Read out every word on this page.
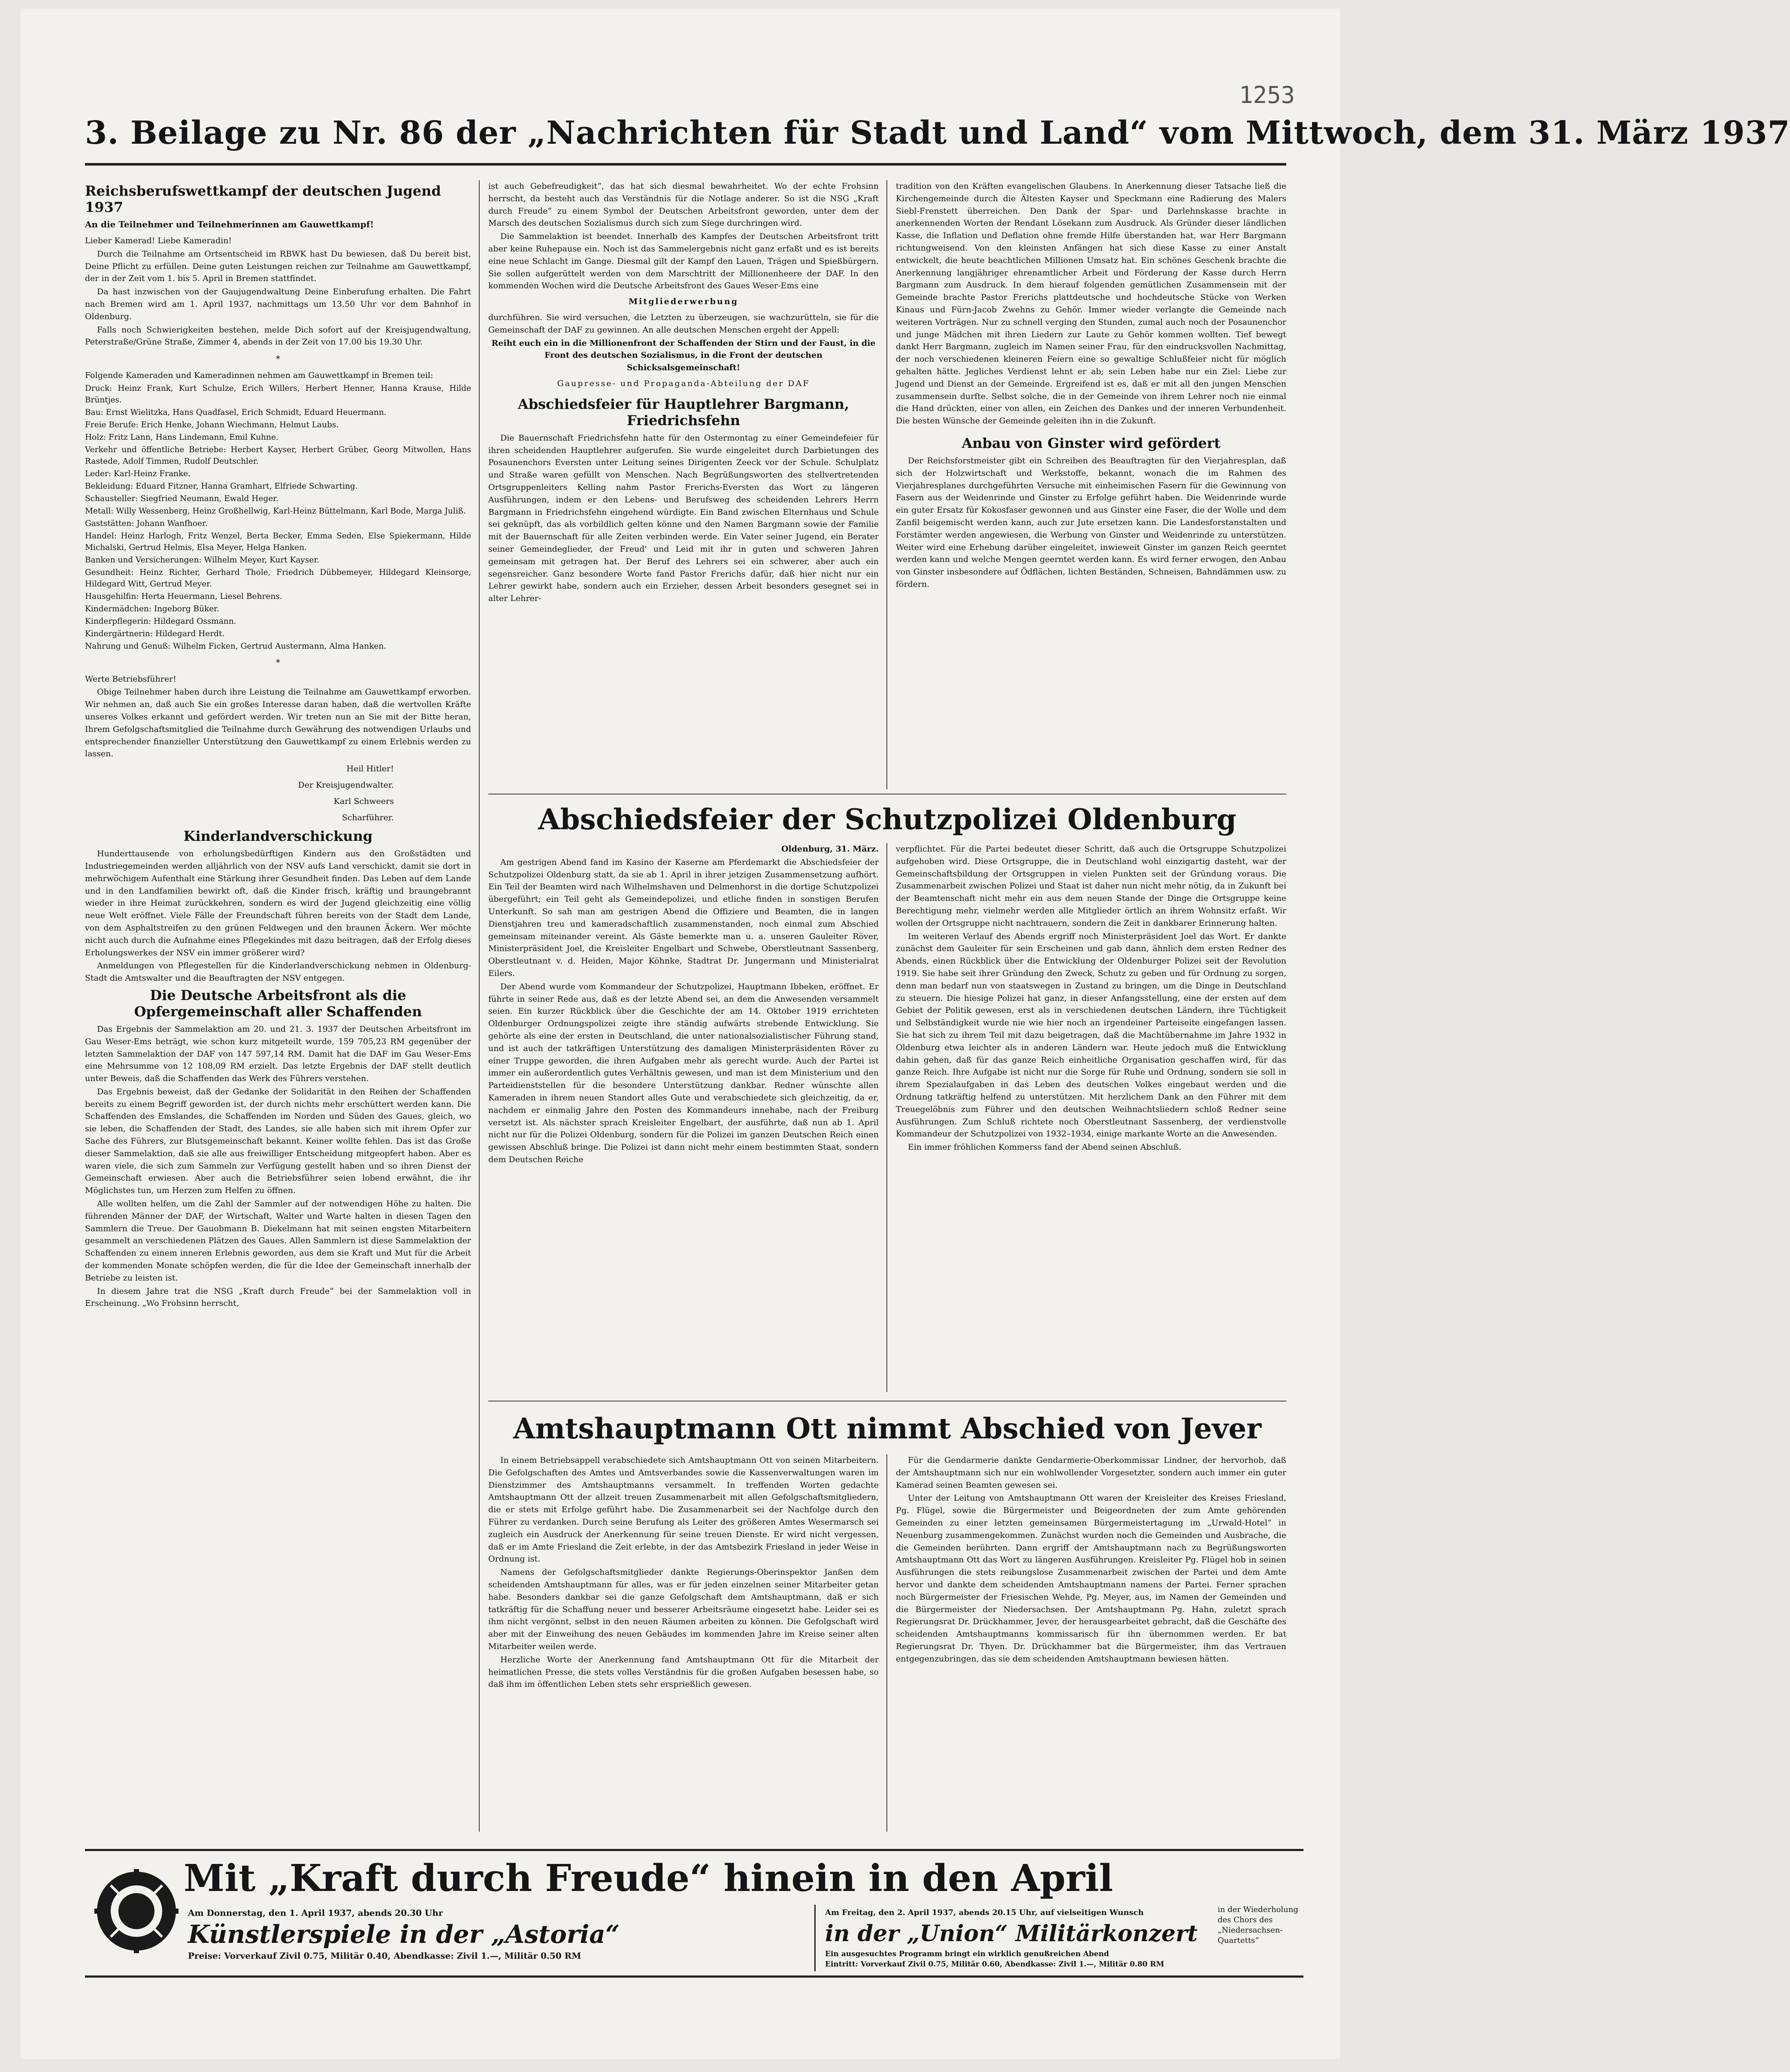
1253
3. Beilage zu Nr. 86 der „Nachrichten für Stadt und Land“ vom Mittwoch, dem 31. März 1937
Reichsberufswettkampf der deutschen Jugend 1937
An die Teilnehmer und Teilnehmerinnen am Gauwettkampf!

Lieber Kamerad! Liebe Kameradin!

Durch die Teilnahme am Ortsentscheid im RBWK hast Du bewiesen, daß Du bereit bist, Deine Pflicht zu erfüllen. Deine guten Leistungen reichen zur Teilnahme am Gauwettkampf, der in der Zeit vom 1. bis 5. April in Bremen stattfindet.

Da hast inzwischen von der Gaujugendwaltung Deine Einberufung erhalten. Die Fahrt nach Bremen wird am 1. April 1937, nachmittags um 13.50 Uhr vor dem Bahnhof in Oldenburg.

Falls noch Schwierigkeiten bestehen, melde Dich sofort auf der Kreisjugendwaltung, Peterstraße/Grüne Straße, Zimmer 4, abends in der Zeit von 17.00 bis 19.30 Uhr.

*

Folgende Kameraden und Kameradinnen nehmen am Gauwettkampf in Bremen teil:

Druck: Heinz Frank, Kurt Schulze, Erich Willers, Herbert Henner, Hanna Krause, Hilde Brüntjes.

Bau: Ernst Wielitzka, Hans Quadfasel, Erich Schmidt, Eduard Heuermann.

Freie Berufe: Erich Henke, Johann Wiechmann, Helmut Laubs.

Holz: Fritz Lann, Hans Lindemann, Emil Kuhne.

Verkehr und öffentliche Betriebe: Herbert Kayser, Herbert Grüber, Georg Mitwollen, Hans Rastede, Adolf Timmen, Rudolf Deutschler.

Leder: Karl-Heinz Franke.

Bekleidung: Eduard Fitzner, Hanna Gramhart, Elfriede Schwarting.

Schausteller: Siegfried Neumann, Ewald Heger.

Metall: Willy Wessenberg, Heinz Großhellwig, Karl-Heinz Büttelmann, Karl Bode, Marga Juliß.

Gaststätten: Johann Wanfhoer.

Handel: Heinz Harlogh, Fritz Wenzel, Berta Becker, Emma Seden, Else Spiekermann, Hilde Michalski, Gertrud Helmis, Elsa Meyer, Helga Hanken.

Banken und Versicherungen: Wilhelm Meyer, Kurt Kayser.

Gesundheit: Heinz Richter, Gerhard Thole, Friedrich Dübbemeyer, Hildegard Kleinsorge, Hildegard Witt, Gertrud Meyer.

Hausgehilfin: Herta Heuermann, Liesel Behrens.

Kindermädchen: Ingeborg Büker.

Kinderpflegerin: Hildegard Ossmann.

Kindergärtnerin: Hildegard Herdt.

Nahrung und Genuß: Wilhelm Ficken, Gertrud Austermann, Alma Hanken.

*

Werte Betriebsführer!

Obige Teilnehmer haben durch ihre Leistung die Teilnahme am Gauwettkampf erworben. Wir nehmen an, daß auch Sie ein großes Interesse daran haben, daß die wertvollen Kräfte unseres Volkes erkannt und gefördert werden. Wir treten nun an Sie mit der Bitte heran, Ihrem Gefolgschaftsmitglied die Teilnahme durch Gewährung des notwendigen Urlaubs und entsprechender finanzieller Unterstützung den Gauwettkampf zu einem Erlebnis werden zu lassen.

Heil Hitler!

Der Kreisjugendwalter.

Karl Schweers

Scharführer.

Kinderlandverschickung

Hunderttausende von erholungsbedürftigen Kindern aus den Großstädten und Industriegemeinden werden alljährlich von der NSV aufs Land verschickt, damit sie dort in mehrwöchigem Aufenthalt eine Stärkung ihrer Gesundheit finden. Das Leben auf dem Lande und in den Landfamilien bewirkt oft, daß die Kinder frisch, kräftig und braungebrannt wieder in ihre Heimat zurückkehren, sondern es wird der Jugend gleichzeitig eine völlig neue Welt eröffnet. Viele Fälle der Freundschaft führen bereits von der Stadt dem Lande, von dem Asphaltstreifen zu den grünen Feldwegen und den braunen Äckern. Wer möchte nicht auch durch die Aufnahme eines Pflegekindes mit dazu beitragen, daß der Erfolg dieses Erholungswerkes der NSV ein immer größerer wird?

Anmeldungen von Pflegestellen für die Kinderlandverschickung nehmen in Oldenburg-Stadt die Amtswalter und die Beauftragten der NSV entgegen.

Die Deutsche Arbeitsfront als die Opfergemeinschaft aller Schaffenden

Das Ergebnis der Sammelaktion am 20. und 21. 3. 1937 der Deutschen Arbeitsfront im Gau Weser-Ems beträgt, wie schon kurz mitgeteilt wurde, 159 705,23 RM gegenüber der letzten Sammelaktion der DAF von 147 597,14 RM. Damit hat die DAF im Gau Weser-Ems eine Mehrsumme von 12 108,09 RM erzielt. Das letzte Ergebnis der DAF stellt deutlich unter Beweis, daß die Schaffenden das Werk des Führers verstehen.

Das Ergebnis beweist, daß der Gedanke der Solidarität in den Reihen der Schaffenden bereits zu einem Begriff geworden ist, der durch nichts mehr erschüttert werden kann. Die Schaffenden des Emslandes, die Schaffenden im Norden und Süden des Gaues, gleich, wo sie leben, die Schaffenden der Stadt, des Landes, sie alle haben sich mit ihrem Opfer zur Sache des Führers, zur Blutsgemeinschaft bekannt. Keiner wollte fehlen. Das ist das Große dieser Sammelaktion, daß sie alle aus freiwilliger Entscheidung mitgeopfert haben. Aber es waren viele, die sich zum Sammeln zur Verfügung gestellt haben und so ihren Dienst der Gemeinschaft erwiesen. Aber auch die Betriebsführer seien lobend erwähnt, die ihr Möglichstes tun, um Herzen zum Helfen zu öffnen.

Alle wollten helfen, um die Zahl der Sammler auf der notwendigen Höhe zu halten. Die führenden Männer der DAF, der Wirtschaft, Walter und Warte halten in diesen Tagen den Sammlern die Treue. Der Gauobmann B. Diekelmann hat mit seinen engsten Mitarbeitern gesammelt an verschiedenen Plätzen des Gaues. Allen Sammlern ist diese Sammelaktion der Schaffenden zu einem inneren Erlebnis geworden, aus dem sie Kraft und Mut für die Arbeit der kommenden Monate schöpfen werden, die für die Idee der Gemeinschaft innerhalb der Betriebe zu leisten ist.

In diesem Jahre trat die NSG „Kraft durch Freude“ bei der Sammelaktion voll in Erscheinung. „Wo Frohsinn herrscht,

ist auch Gebefreudigkeit“, das hat sich diesmal bewahrheitet. Wo der echte Frohsinn herrscht, da besteht auch das Verständnis für die Notlage anderer. So ist die NSG „Kraft durch Freude“ zu einem Symbol der Deutschen Arbeitsfront geworden, unter dem der Marsch des deutschen Sozialismus durch sich zum Siege durchringen wird.

Die Sammelaktion ist beendet. Innerhalb des Kampfes der Deutschen Arbeitsfront tritt aber keine Ruhepause ein. Noch ist das Sammelergebnis nicht ganz erfaßt und es ist bereits eine neue Schlacht im Gange. Diesmal gilt der Kampf den Lauen, Trägen und Spießbürgern. Sie sollen aufgerüttelt werden von dem Marschtritt der Millionenheere der DAF. In den kommenden Wochen wird die Deutsche Arbeitsfront des Gaues Weser-Ems eine

Mitgliederwerbung

durchführen. Sie wird versuchen, die Letzten zu überzeugen, sie wachzurütteln, sie für die Gemeinschaft der DAF zu gewinnen. An alle deutschen Menschen ergeht der Appell:

Reiht euch ein in die Millionenfront der Schaffenden der Stirn und der Faust, in die Front des deutschen Sozialismus, in die Front der deutschen Schicksalsgemeinschaft!

Gaupresse- und Propaganda-Abteilung der DAF

Abschiedsfeier für Hauptlehrer Bargmann, Friedrichsfehn

Die Bauernschaft Friedrichsfehn hatte für den Ostermontag zu einer Gemeindefeier für ihren scheidenden Hauptlehrer aufgerufen. Sie wurde eingeleitet durch Darbietungen des Posaunenchors Eversten unter Leitung seines Dirigenten Zeeck vor der Schule. Schulplatz und Straße waren gefüllt von Menschen. Nach Begrüßungsworten des stellvertretenden Ortsgruppenleiters Kelling nahm Pastor Frerichs-Eversten das Wort zu längeren Ausführungen, indem er den Lebens- und Berufsweg des scheidenden Lehrers Herrn Bargmann in Friedrichsfehn eingehend würdigte. Ein Band zwischen Elternhaus und Schule sei geknüpft, das als vorbildlich gelten könne und den Namen Bargmann sowie der Familie mit der Bauernschaft für alle Zeiten verbinden werde. Ein Vater seiner Jugend, ein Berater seiner Gemeindeglieder, der Freud' und Leid mit ihr in guten und schweren Jahren gemeinsam mit getragen hat. Der Beruf des Lehrers sei ein schwerer, aber auch ein segensreicher. Ganz besondere Worte fand Pastor Frerichs dafür, daß hier nicht nur ein Lehrer gewirkt habe, sondern auch ein Erzieher, dessen Arbeit besonders gesegnet sei in alter Lehrer-

tradition von den Kräften evangelischen Glaubens. In Anerkennung dieser Tatsache ließ die Kirchengemeinde durch die Ältesten Kayser und Speckmann eine Radierung des Malers Siebl-Frenstett überreichen. Den Dank der Spar- und Darlehnskasse brachte in anerkennenden Worten der Rendant Lösekann zum Ausdruck. Als Gründer dieser ländlichen Kasse, die Inflation und Deflation ohne fremde Hilfe überstanden hat, war Herr Bargmann richtungweisend. Von den kleinsten Anfängen hat sich diese Kasse zu einer Anstalt entwickelt, die heute beachtlichen Millionen Umsatz hat. Ein schönes Geschenk brachte die Anerkennung langjähriger ehrenamtlicher Arbeit und Förderung der Kasse durch Herrn Bargmann zum Ausdruck. In dem hierauf folgenden gemütlichen Zusammensein mit der Gemeinde brachte Pastor Frerichs plattdeutsche und hochdeutsche Stücke von Werken Kinaus und Fürn-Jacob Zwehns zu Gehör. Immer wieder verlangte die Gemeinde nach weiteren Vorträgen. Nur zu schnell verging den Stunden, zumal auch noch der Posaunenchor und junge Mädchen mit ihren Liedern zur Laute zu Gehör kommen wollten. Tief bewegt dankt Herr Bargmann, zugleich im Namen seiner Frau, für den eindrucksvollen Nachmittag, der noch verschiedenen kleineren Feiern eine so gewaltige Schlußfeier nicht für möglich gehalten hätte. Jegliches Verdienst lehnt er ab; sein Leben habe nur ein Ziel: Liebe zur Jugend und Dienst an der Gemeinde. Ergreifend ist es, daß er mit all den jungen Menschen zusammensein durfte. Selbst solche, die in der Gemeinde von ihrem Lehrer noch nie einmal die Hand drückten, einer von allen, ein Zeichen des Dankes und der inneren Verbundenheit. Die besten Wünsche der Gemeinde geleiten ihn in die Zukunft.

Anbau von Ginster wird gefördert

Der Reichsforstmeister gibt ein Schreiben des Beauftragten für den Vierjahresplan, daß sich der Holzwirtschaft und Werkstoffe, bekannt, wonach die im Rahmen des Vierjahresplanes durchgeführten Versuche mit einheimischen Fasern für die Gewinnung von Fasern aus der Weidenrinde und Ginster zu Erfolge geführt haben. Die Weidenrinde wurde ein guter Ersatz für Kokosfaser gewonnen und aus Ginster eine Faser, die der Wolle und dem Zanfil beigemischt werden kann, auch zur Jute ersetzen kann. Die Landesforstanstalten und Forstämter werden angewiesen, die Werbung von Ginster und Weidenrinde zu unterstützen. Weiter wird eine Erhebung darüber eingeleitet, inwieweit Ginster im ganzen Reich geerntet werden kann und welche Mengen geerntet werden kann. Es wird ferner erwogen, den Anbau von Ginster insbesondere auf Ödflächen, lichten Beständen, Schneisen, Bahndämmen usw. zu fördern.

Abschiedsfeier der Schutzpolizei Oldenburg

Oldenburg, 31. März.

Am gestrigen Abend fand im Kasino der Kaserne am Pferdemarkt die Abschiedsfeier der Schutzpolizei Oldenburg statt, da sie ab 1. April in ihrer jetzigen Zusammensetzung aufhört. Ein Teil der Beamten wird nach Wilhelmshaven und Delmenhorst in die dortige Schutzpolizei übergeführt; ein Teil geht als Gemeindepolizei, und etliche finden in sonstigen Berufen Unterkunft. So sah man am gestrigen Abend die Offiziere und Beamten, die in langen Dienstjahren treu und kameradschaftlich zusammenstanden, noch einmal zum Abschied gemeinsam miteinander vereint. Als Gäste bemerkte man u. a. unseren Gauleiter Röver, Ministerpräsident Joel, die Kreisleiter Engelbart und Schwebe, Oberstleutnant Sassenberg, Oberstleutnant v. d. Heiden, Major Köhnke, Stadtrat Dr. Jungermann und Ministerialrat Eilers.

Der Abend wurde vom Kommandeur der Schutzpolizei, Hauptmann Ibbeken, eröffnet. Er führte in seiner Rede aus, daß es der letzte Abend sei, an dem die Anwesenden versammelt seien. Ein kurzer Rückblick über die Geschichte der am 14. Oktober 1919 errichteten Oldenburger Ordnungspolizei zeigte ihre ständig aufwärts strebende Entwicklung. Sie gehörte als eine der ersten in Deutschland, die unter nationalsozialistischer Führung stand, und ist auch der tatkräftigen Unterstützung des damaligen Ministerpräsidenten Röver zu einer Truppe geworden, die ihren Aufgaben mehr als gerecht wurde. Auch der Partei ist immer ein außerordentlich gutes Verhältnis gewesen, und man ist dem Ministerium und den Parteidienststellen für die besondere Unterstützung dankbar. Redner wünschte allen Kameraden in ihrem neuen Standort alles Gute und verabschiedete sich gleichzeitig, da er, nachdem er einmalig Jahre den Posten des Kommandeurs innehabe, nach der Freiburg versetzt ist. Als nächster sprach Kreisleiter Engelbart, der ausführte, daß nun ab 1. April nicht nur für die Polizei Oldenburg, sondern für die Polizei im ganzen Deutschen Reich einen gewissen Abschluß bringe. Die Polizei ist dann nicht mehr einem bestimmten Staat, sondern dem Deutschen Reiche

verpflichtet. Für die Partei bedeutet dieser Schritt, daß auch die Ortsgruppe Schutzpolizei aufgehoben wird. Diese Ortsgruppe, die in Deutschland wohl einzigartig dasteht, war der Gemeinschaftsbildung der Ortsgruppen in vielen Punkten seit der Gründung voraus. Die Zusammenarbeit zwischen Polizei und Staat ist daher nun nicht mehr nötig, da in Zukunft bei der Beamtenschaft nicht mehr ein aus dem neuen Stande der Dinge die Ortsgruppe keine Berechtigung mehr, vielmehr werden alle Mitglieder örtlich an ihrem Wohnsitz erfaßt. Wir wollen der Ortsgruppe nicht nachtrauern, sondern die Zeit in dankbarer Erinnerung halten.

Im weiteren Verlauf des Abends ergriff noch Ministerpräsident Joel das Wort. Er dankte zunächst dem Gauleiter für sein Erscheinen und gab dann, ähnlich dem ersten Redner des Abends, einen Rückblick über die Entwicklung der Oldenburger Polizei seit der Revolution 1919. Sie habe seit ihrer Gründung den Zweck, Schutz zu geben und für Ordnung zu sorgen, denn man bedarf nun von staatswegen in Zustand zu bringen, um die Dinge in Deutschland zu steuern. Die hiesige Polizei hat ganz, in dieser Anfangsstellung, eine der ersten auf dem Gebiet der Politik gewesen, erst als in verschiedenen deutschen Ländern, ihre Tüchtigkeit und Selbständigkeit wurde nie wie hier noch an irgendeiner Parteiseite eingefangen lassen. Sie hat sich zu ihrem Teil mit dazu beigetragen, daß die Machtübernahme im Jahre 1932 in Oldenburg etwa leichter als in anderen Ländern war. Heute jedoch muß die Entwicklung dahin gehen, daß für das ganze Reich einheitliche Organisation geschaffen wird, für das ganze Reich. Ihre Aufgabe ist nicht nur die Sorge für Ruhe und Ordnung, sondern sie soll in ihrem Spezialaufgaben in das Leben des deutschen Volkes eingebaut werden und die Ordnung tatkräftig helfend zu unterstützen. Mit herzlichem Dank an den Führer mit dem Treuegelöbnis zum Führer und den deutschen Weihnachtsliedern schloß Redner seine Ausführungen. Zum Schluß richtete noch Oberstleutnant Sassenberg, der verdienstvolle Kommandeur der Schutzpolizei von 1932–1934, einige markante Worte an die Anwesenden.

Ein immer fröhlichen Kommerss fand der Abend seinen Abschluß.

Amtshauptmann Ott nimmt Abschied von Jever

In einem Betriebsappell verabschiedete sich Amtshauptmann Ott von seinen Mitarbeitern. Die Gefolgschaften des Amtes und Amtsverbandes sowie die Kassenverwaltungen waren im Dienstzimmer des Amtshauptmanns versammelt. In treffenden Worten gedachte Amtshauptmann Ott der allzeit treuen Zusammenarbeit mit allen Gefolgschaftsmitgliedern, die er stets mit Erfolge geführt habe. Die Zusammenarbeit sei der Nachfolge durch den Führer zu verdanken. Durch seine Berufung als Leiter des größeren Amtes Wesermarsch sei zugleich ein Ausdruck der Anerkennung für seine treuen Dienste. Er wird nicht vergessen, daß er im Amte Friesland die Zeit erlebte, in der das Amtsbezirk Friesland in jeder Weise in Ordnung ist.

Namens der Gefolgschaftsmitglieder dankte Regierungs-Oberinspektor Janßen dem scheidenden Amtshauptmann für alles, was er für jeden einzelnen seiner Mitarbeiter getan habe. Besonders dankbar sei die ganze Gefolgschaft dem Amtshauptmann, daß er sich tatkräftig für die Schaffung neuer und besserer Arbeitsräume eingesetzt habe. Leider sei es ihm nicht vergönnt, selbst in den neuen Räumen arbeiten zu können. Die Gefolgschaft wird aber mit der Einweihung des neuen Gebäudes im kommenden Jahre im Kreise seiner alten Mitarbeiter weilen werde.

Herzliche Worte der Anerkennung fand Amtshauptmann Ott für die Mitarbeit der heimatlichen Presse, die stets volles Verständnis für die großen Aufgaben besessen habe, so daß ihm im öffentlichen Leben stets sehr ersprießlich gewesen.

Für die Gendarmerie dankte Gendarmerie-Oberkommissar Lindner, der hervorhob, daß der Amtshauptmann sich nur ein wohlwollender Vorgesetzter, sondern auch immer ein guter Kamerad seinen Beamten gewesen sei.

Unter der Leitung von Amtshauptmann Ott waren der Kreisleiter des Kreises Friesland, Pg. Flügel, sowie die Bürgermeister und Beigeordneten der zum Amte gehörenden Gemeinden zu einer letzten gemeinsamen Bürgermeistertagung im „Urwald-Hotel“ in Neuenburg zusammengekommen. Zunächst wurden noch die Gemeinden und Ausbrache, die die Gemeinden berührten. Dann ergriff der Amtshauptmann nach zu Begrüßungsworten Amtshauptmann Ott das Wort zu längeren Ausführungen. Kreisleiter Pg. Flügel hob in seinen Ausführungen die stets reibungslose Zusammenarbeit zwischen der Partei und dem Amte hervor und dankte dem scheidenden Amtshauptmann namens der Partei. Ferner sprachen noch Bürgermeister der Friesischen Wehde, Pg. Meyer, aus, im Namen der Gemeinden und die Bürgermeister der Niedersachsen. Der Amtshauptmann Pg. Hahn, zuletzt sprach Regierungsrat Dr. Drückhammer, Jever, der herausgearbeitet gebracht, daß die Geschäfte des scheidenden Amtshauptmanns kommissarisch für ihn übernommen werden. Er bat Regierungsrat Dr. Thyen. Dr. Drückhammer bat die Bürgermeister, ihm das Vertrauen entgegenzubringen, das sie dem scheidenden Amtshauptmann bewiesen hätten.

Mit „Kraft durch Freude“ hinein in den April
Am Donnerstag, den 1. April 1937, abends 20.30 Uhr
Künstlerspiele in der „Astoria“
Preise: Vorverkauf Zivil 0.75, Militär 0.40, Abendkasse: Zivil 1.—, Militär 0.50 RM
Am Freitag, den 2. April 1937, abends 20.15 Uhr, auf vielseitigen Wunsch
in der „Union“ Militärkonzert
Ein ausgesuchtes Programm bringt ein wirklich genußreichen Abend
Eintritt: Vorverkauf Zivil 0.75, Militär 0.60, Abendkasse: Zivil 1.—, Militär 0.80 RM
in der Wiederholung des Chors des „Niedersachsen-Quartetts“
